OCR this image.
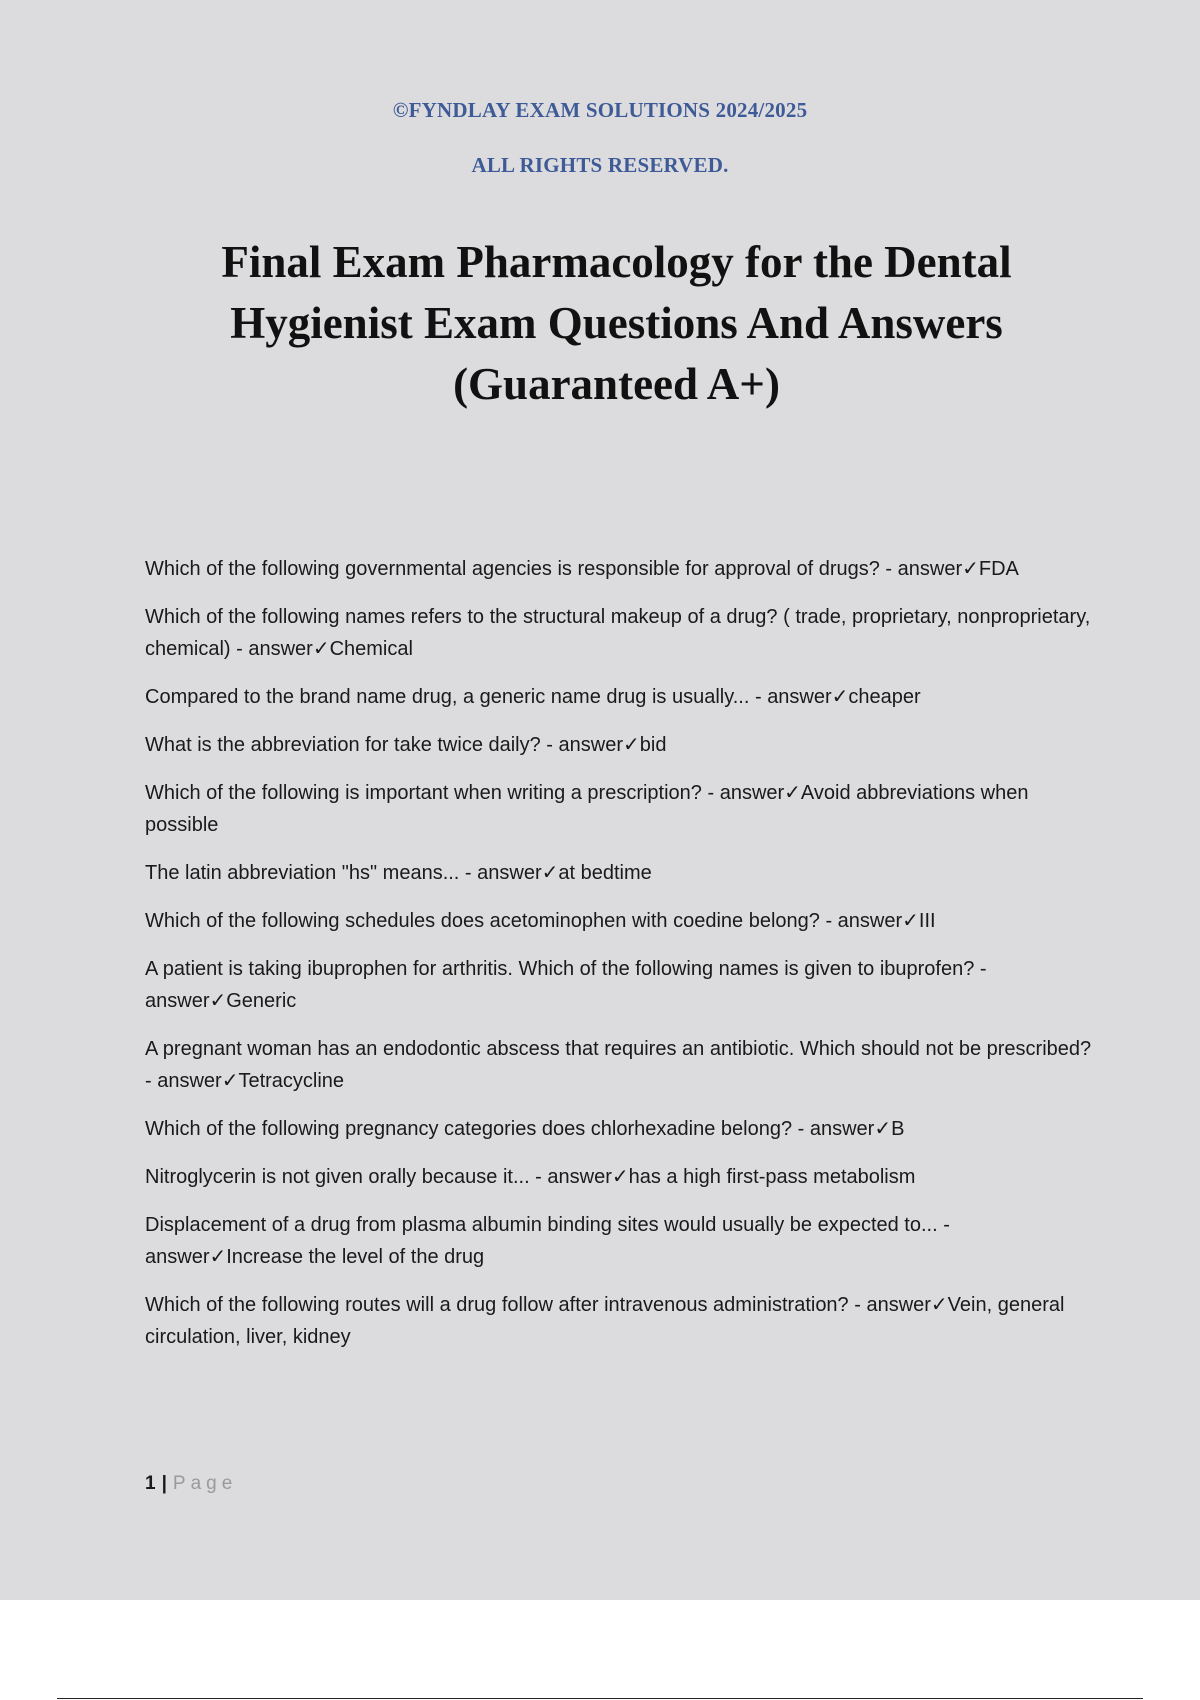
©FYNDLAY EXAM SOLUTIONS 2024/2025
ALL RIGHTS RESERVED.
Final Exam Pharmacology for the Dental Hygienist Exam Questions And Answers (Guaranteed A+)
Which of the following governmental agencies is responsible for approval of drugs? - answer✓FDA
Which of the following names refers to the structural makeup of a drug? ( trade, proprietary, nonproprietary, chemical) - answer✓Chemical
Compared to the brand name drug, a generic name drug is usually... - answer✓cheaper
What is the abbreviation for take twice daily? - answer✓bid
Which of the following is important when writing a prescription? - answer✓Avoid abbreviations when possible
The latin abbreviation "hs" means... - answer✓at bedtime
Which of the following schedules does acetominophen with coedine belong? - answer✓III
A patient is taking ibuprophen for arthritis. Which of the following names is given to ibuprofen? - answer✓Generic
A pregnant woman has an endodontic abscess that requires an antibiotic. Which should not be prescribed? - answer✓Tetracycline
Which of the following pregnancy categories does chlorhexadine belong? - answer✓B
Nitroglycerin is not given orally because it... - answer✓has a high first-pass metabolism
Displacement of a drug from plasma albumin binding sites would usually be expected to... - answer✓Increase the level of the drug
Which of the following routes will a drug follow after intravenous administration? - answer✓Vein, general circulation, liver, kidney
1 | Page
